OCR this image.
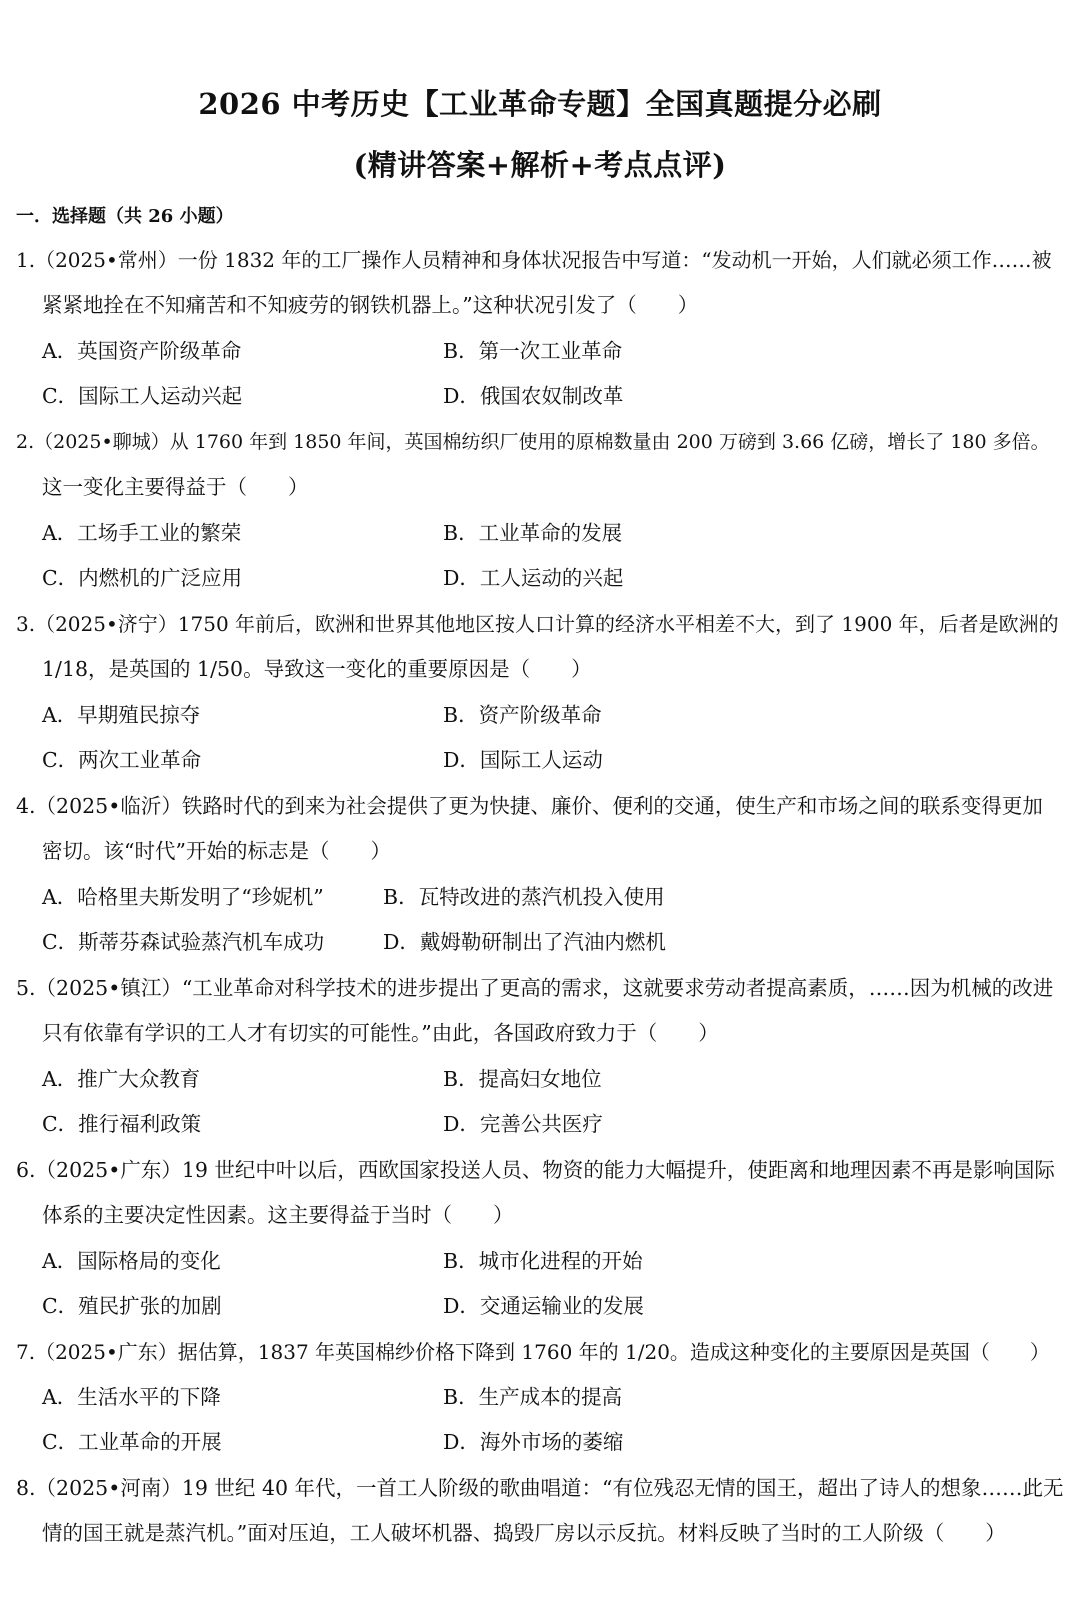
2026 中考历史【工业革命专题】全国真题提分必刷
(精讲答案+解析+考点点评)
一．选择题（共 26 小题）
1.（2025•常州）一份 1832 年的工厂操作人员精神和身体状况报告中写道：“发动机一开始，人们就必须工作……被
紧紧地拴在不知痛苦和不知疲劳的钢铁机器上。”这种状况引发了（　　）
A．英国资产阶级革命	B．第一次工业革命
C．国际工人运动兴起	D．俄国农奴制改革
2.（2025•聊城）从 1760 年到 1850 年间，英国棉纺织厂使用的原棉数量由 200 万磅到 3.66 亿磅，增长了 180 多倍。
这一变化主要得益于（　　）
A．工场手工业的繁荣	B．工业革命的发展
C．内燃机的广泛应用	D．工人运动的兴起
3.（2025•济宁）1750 年前后，欧洲和世界其他地区按人口计算的经济水平相差不大，到了 1900 年，后者是欧洲的
1/18，是英国的 1/50。导致这一变化的重要原因是（　　）
A．早期殖民掠夺	B．资产阶级革命
C．两次工业革命	D．国际工人运动
4.（2025•临沂）铁路时代的到来为社会提供了更为快捷、廉价、便利的交通，使生产和市场之间的联系变得更加
密切。该“时代”开始的标志是（　　）
A．哈格里夫斯发明了“珍妮机”	B．瓦特改进的蒸汽机投入使用
C．斯蒂芬森试验蒸汽机车成功	D．戴姆勒研制出了汽油内燃机
5.（2025•镇江）“工业革命对科学技术的进步提出了更高的需求，这就要求劳动者提高素质，……因为机械的改进
只有依靠有学识的工人才有切实的可能性。”由此，各国政府致力于（　　）
A．推广大众教育	B．提高妇女地位
C．推行福利政策	D．完善公共医疗
6.（2025•广东）19 世纪中叶以后，西欧国家投送人员、物资的能力大幅提升，使距离和地理因素不再是影响国际
体系的主要决定性因素。这主要得益于当时（　　）
A．国际格局的变化	B．城市化进程的开始
C．殖民扩张的加剧	D．交通运输业的发展
7.（2025•广东）据估算，1837 年英国棉纱价格下降到 1760 年的 1/20。造成这种变化的主要原因是英国（　　）
A．生活水平的下降	B．生产成本的提高
C．工业革命的开展	D．海外市场的萎缩
8.（2025•河南）19 世纪 40 年代，一首工人阶级的歌曲唱道：“有位残忍无情的国王，超出了诗人的想象……此无
情的国王就是蒸汽机。”面对压迫，工人破坏机器、捣毁厂房以示反抗。材料反映了当时的工人阶级（　　）
